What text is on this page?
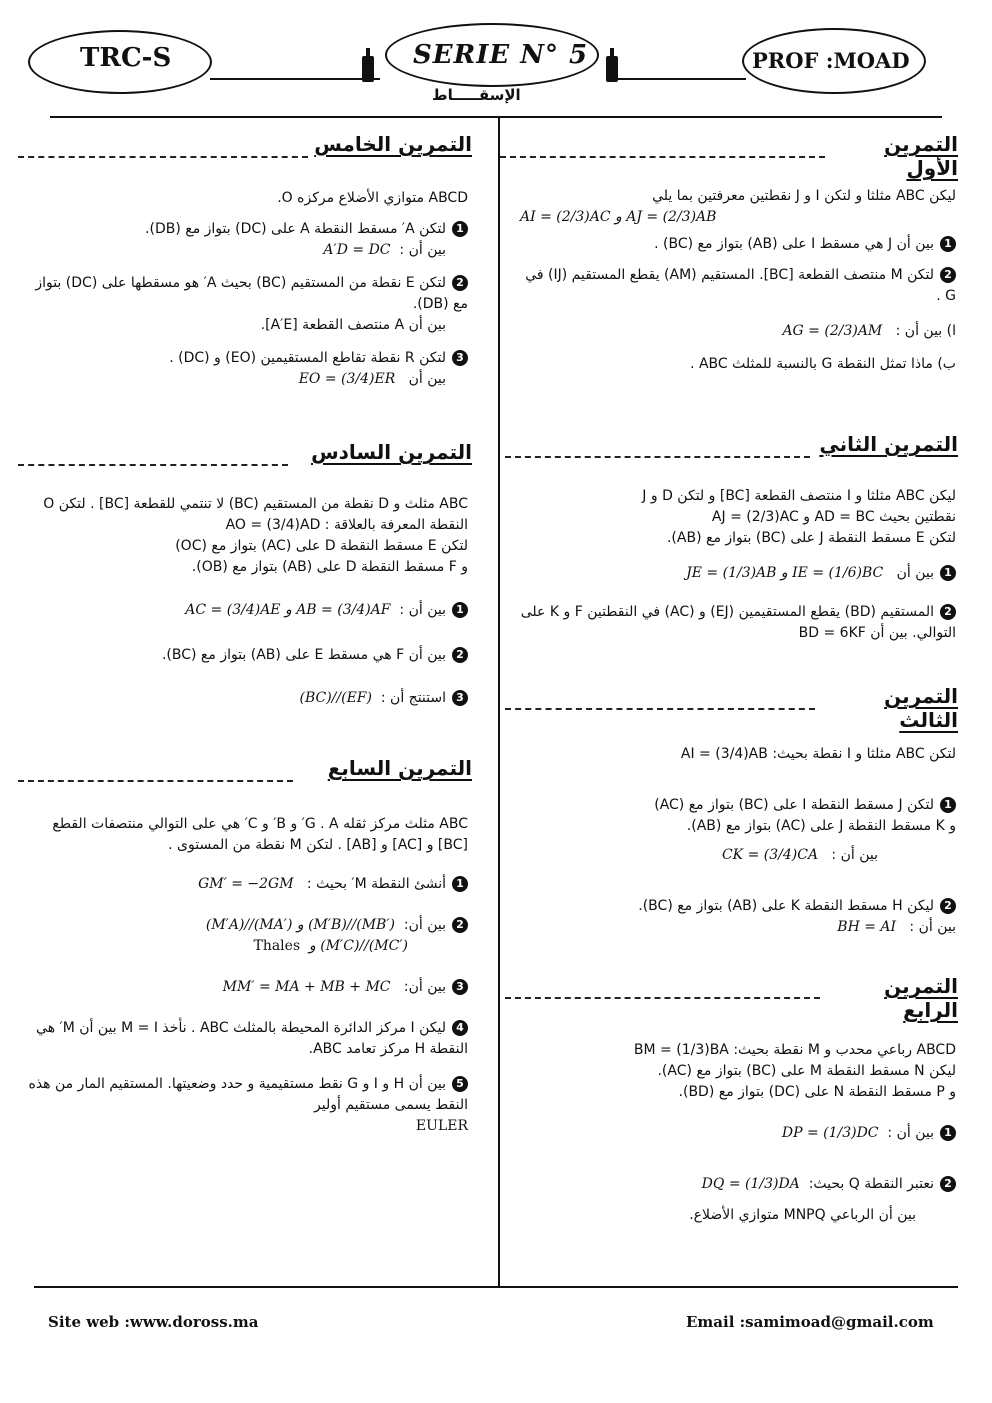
TRC-S	SERIE N° 5	PROF :MOAD
الإسقـــــاط
التمرين الأول

ليكن ABC مثلثا و لتكن I و J نقطتين معرفتين بما يلي

AI = (2/3)AC و AJ = (2/3)AB

1بين أن J هي مسقط I على (AB) بتواز مع (BC) .

2لتكن M منتصف القطعة [BC]. المستقيم (AM) يقطع المستقيم (IJ) في G .

ا) بين أن :   AG = (2/3)AM

ب) ماذا تمثل النقطة G بالنسبة للمثلث ABC .

التمرين الثاني

ليكن ABC مثلثا و I منتصف القطعة [BC] و لتكن D و J

نقطتين بحيث AD = BC و AJ = (2/3)AC

لتكن E مسقط النقطة J على (BC) بتواز مع (AB).

1بين أن   JE = (1/3)AB و IE = (1/6)BC

2المستقيم (BD) يقطع المستقيمين (EJ) و (AC) في النقطتين F و K على التوالي. بين أن BD = 6KF

التمرين الثالث

لتكن ABC مثلثا و I نقطة بحيث: AI = (3/4)AB

1لتكن J مسقط النقطة I على (BC) بتواز مع (AC)

و K مسقط النقطة J على (AC) بتواز مع (AB).

بين أن :   CK = (3/4)CA

2ليكن H مسقط النقطة K على (AB) بتواز مع (BC).

بين أن :   BH = AI

التمرين الرابع

ABCD رباعي محدب و M نقطة بحيث: BM = (1/3)BA

ليكن N مسقط النقطة M على (BC) بتواز مع (AC).

و P مسقط النقطة N على (DC) بتواز مع (BD).

1بين أن :  DP = (1/3)DC

2نعتبر النقطة Q بحيث:  DQ = (1/3)DA

بين أن الرباعي MNPQ متوازي الأضلاع.

التمرين الخامس

ABCD متوازي الأضلاع مركزه O.

1لتكن A′ مسقط النقطة A على (DC) بتواز مع (DB).

بين أن :  A′D = DC

2لتكن E نقطة من المستقيم (BC) بحيث A′ هو مسقطها على (DC) بتواز مع (DB).

بين أن A منتصف القطعة [A′E].

3لتكن R نقطة تقاطع المستقيمين (EO) و (DC) .

بين أن   EO = (3/4)ER

التمرين السادس

ABC مثلث و D نقطة من المستقيم (BC) لا تنتمي للقطعة [BC] . لتكن O النقطة المعرفة بالعلاقة : AO = (3/4)AD

لتكن E مسقط النقطة D على (AC) بتواز مع (OC)

و F مسقط النقطة D على (AB) بتواز مع (OB).

1بين أن :  AC = (3/4)AE و AB = (3/4)AF

2بين أن F هي مسقط E على (AB) بتواز مع (BC).

3استنتج أن :  (BC)//(EF)

التمرين السابع

ABC مثلث مركز ثقله G . A′ و B′ و C′ هي على التوالي منتصفات القطع [BC] و [AC] و [AB] . لتكن M نقطة من المستوى .

1أنشئ النقطة M′ بحيث :   GM′ = −2GM

2بين أن:  (M′A)//(MA′) و (M′B)//(MB′)

و (M′C)//(MC′)  Thales

3بين أن:   MM′ = MA + MB + MC

4ليكن I مركز الدائرة المحيطة بالمثلث ABC . نأخذ M = I بين أن M′ هي النقطة H مركز تعامد ABC.

5بين أن H و I و G نقط مستقيمية و حدد وضعيتها. المستقيم المار من هذه النقط يسمى مستقيم أولير

EULER

Site web :www.doross.ma	Email :samimoad@gmail.com
